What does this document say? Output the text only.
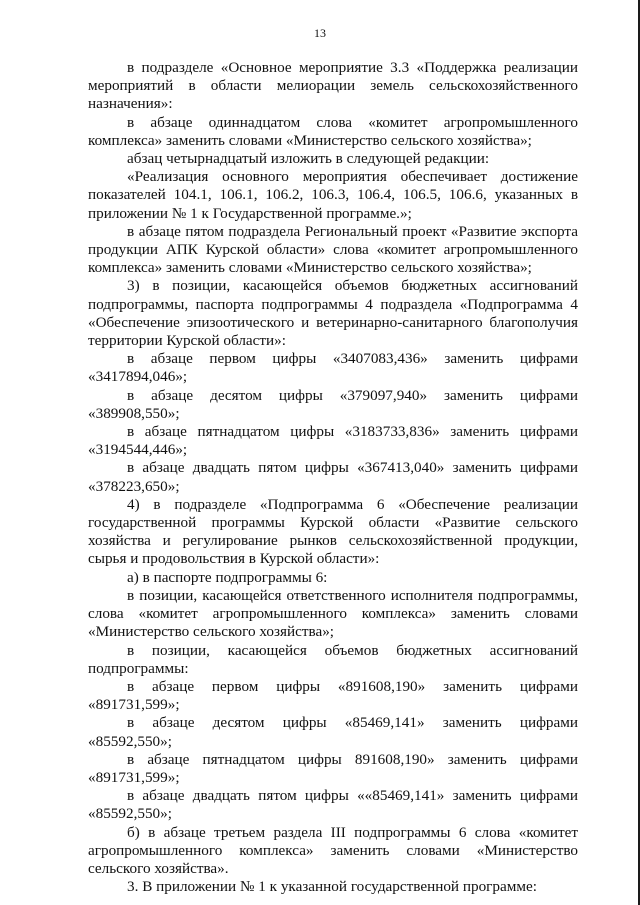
13

в подразделе «Основное мероприятие 3.3 «Поддержка реализации мероприятий в области мелиорации земель сельскохозяйственного назначения»:

в абзаце одиннадцатом слова «комитет агропромышленного комплекса» заменить словами «Министерство сельского хозяйства»;

абзац четырнадцатый изложить в следующей редакции:

«Реализация основного мероприятия обеспечивает достижение показателей 104.1, 106.1, 106.2, 106.3, 106.4, 106.5, 106.6, указанных в приложении № 1 к Государственной программе.»;

в абзаце пятом подраздела Региональный проект «Развитие экспорта продукции АПК Курской области» слова «комитет агропромышленного комплекса» заменить словами «Министерство сельского хозяйства»;

3) в позиции, касающейся объемов бюджетных ассигнований подпрограммы, паспорта подпрограммы 4 подраздела «Подпрограмма 4 «Обеспечение эпизоотического и ветеринарно-санитарного благополучия территории Курской области»:

в абзаце первом цифры «3407083,436» заменить цифрами «3417894,046»;

в абзаце десятом цифры «379097,940» заменить цифрами «389908,550»;

в абзаце пятнадцатом цифры «3183733,836» заменить цифрами «3194544,446»;

в абзаце двадцать пятом цифры «367413,040» заменить цифрами «378223,650»;

4) в подразделе «Подпрограмма 6 «Обеспечение реализации государственной программы Курской области «Развитие сельского хозяйства и регулирование рынков сельскохозяйственной продукции, сырья и продовольствия в Курской области»:

а) в паспорте подпрограммы 6:

в позиции, касающейся ответственного исполнителя подпрограммы, слова «комитет агропромышленного комплекса» заменить словами «Министерство сельского хозяйства»;

в позиции, касающейся объемов бюджетных ассигнований подпрограммы:

в абзаце первом цифры «891608,190» заменить цифрами «891731,599»;

в абзаце десятом цифры «85469,141» заменить цифрами «85592,550»;

в абзаце пятнадцатом цифры 891608,190» заменить цифрами «891731,599»;

в абзаце двадцать пятом цифры ««85469,141» заменить цифрами «85592,550»;

б) в абзаце третьем раздела III подпрограммы 6 слова «комитет агропромышленного комплекса» заменить словами «Министерство сельского хозяйства».

3. В приложении № 1 к указанной государственной программе:
